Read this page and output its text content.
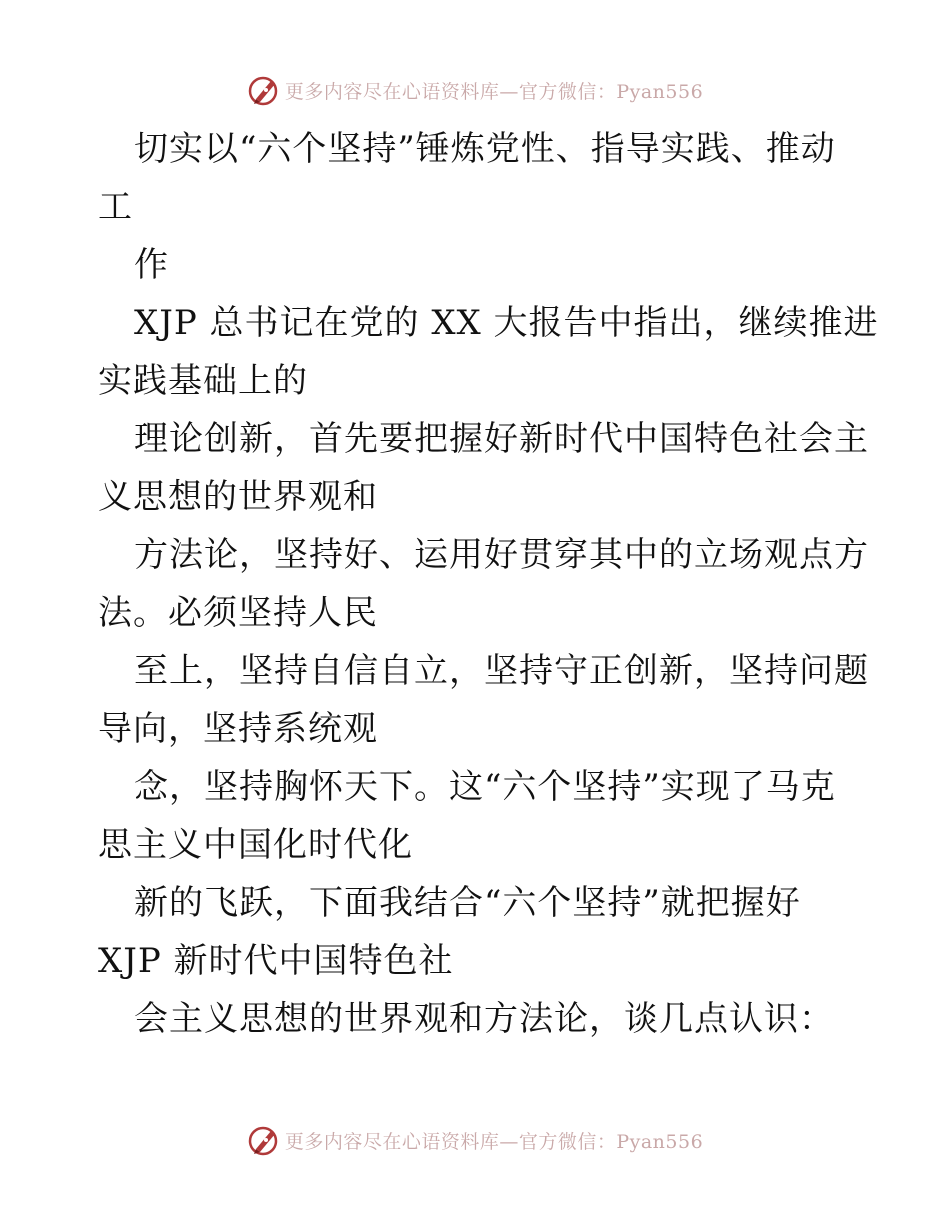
更多内容尽在心语资料库—官方微信：Pyan556
切实以“六个坚持”锤炼党性、指导实践、推动
工
作
XJP 总书记在党的 XX 大报告中指出，继续推进
实践基础上的
理论创新，首先要把握好新时代中国特色社会主
义思想的世界观和
方法论，坚持好、运用好贯穿其中的立场观点方
法。必须坚持人民
至上，坚持自信自立，坚持守正创新，坚持问题
导向，坚持系统观
念，坚持胸怀天下。这“六个坚持”实现了马克
思主义中国化时代化
新的飞跃，下面我结合“六个坚持”就把握好
XJP 新时代中国特色社
会主义思想的世界观和方法论，谈几点认识：
更多内容尽在心语资料库—官方微信：Pyan556
